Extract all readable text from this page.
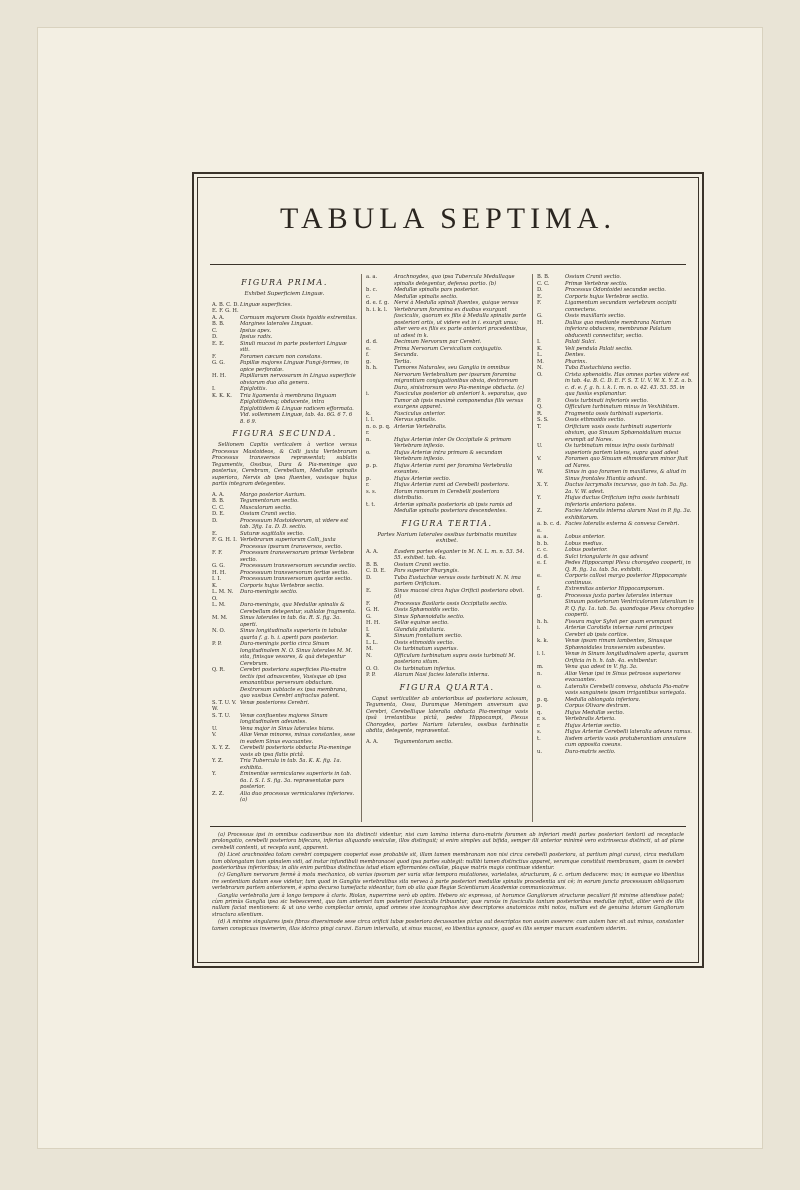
TABULA SEPTIMA.
FIGURA PRIMA.
Exhibet Superficiem Linguæ.
A. B. C. D. E. F. G. H.
Linguæ superficies.
A. A.	Cornuum majorum Ossis hyoidis extremitas.
B. B.	Margines laterales Linguæ.
C.	Ipsius apex.
D.	Ipsius radix.
E. E.	Sinuli mucosi in parte posteriori Linguæ siti.
F.	Foramen cæcum non constans.
G. G.	Papillæ majores Linguæ Fungi-formes, in apice perforatæ.
H. H.	Papillarum nervosarum in Lingua superficie obviarum duo alia genera.
I.	Epiglottis.
K. K. K.	Tria ligamenta à membrana linguam Epiglottidemq; obducente, intra Epiglottidem & Linguæ radicem efformata. Vid. sollemnem Linguæ, tab. 4a. 6G. 6 7. 6 8. 6 9.
FIGURA SECUNDA.
Sellionem Capitis verticalem à vertice versus Processus Mastoideos, & Colli juxta Vertebrarum Processus transversos repræsentat; sublatis Tegumentis, Ossibus, Dura & Pia-meninge quo posterius, Cerebrum, Cerebellum, Medullæ spinalis superiora, Nervis ab ipsa fluentes, vasisque hujus partis integram detegentes.
A. A.	Margo posterior Aurium.
B. B.	Tegumentorum sectio.
C. C.	Musculorum sectio.
D. E.	Ossium Cranii sectio.
D.	Processuum Mastoideorum, ut videre est tab. 3fig. 1a. D. D. sectio.
E.	Suturæ sagittalis sectio.
F. G. H. I. Vertebrarum superiorum Colli, juxta Processus ipsarum transversos, sectio.
F. F.	Processum transversorum primæ Vertebræ sectio.
G. G.	Processuum transversorum secundæ sectio.
H. H.	Processuum transversorum tertiæ sectio.
I. I.	Processuum transversorum quartæ sectio.
K.	Corporis hujus Vertebræ sectio.
L. M. N. O.
Dura-meningis sectio.
L. M.	Dura-meningis, qua Medullæ spinalis & Cerebellum detegentur, sublatæ fragmenta.
M. M.	Sinus laterales in tab. 6a. R. S. fig. 3a. aperti.
N. O.	Sinus longitudinalis superioris in tabulæ quarta f. g. h. i. aperti pars posterior.
P. P.	Dura-meningis portio circa Sinum longitudinalem N. O. Sinus laterales M. M. sita, finisque vesores, & quà detegentur Cerebrum.
Q. R.	Cerebri posteriora superficies Pia-matre tectis ipsi adnascentes, Vasisque ab ipsa emanantibus perversum obductum. Dextrorsum subtacte ex ipsa membrana, quo vasibus Cerebri anfractus patent.
S. T. U. V. W.
Venæ posteriores Cerebri.
S. T. U.	Venæ confluentes majores Sinum longitudinalem adeuntes.
U.	Vena major in Sinus laterales hians.
V.	Aliæ Venæ minores, minus constantes, sese in eadem Sinus evacuantes.
X. Y. Z.	Cerebelli posterioris obducta Pia-meninge vasis ab ipsa flatis pictâ.
Y. Z.	Tria Tubercula in tab. 5a. K. K. fig. 1a. exhibita.
Y.	Eminentiæ vermiculares superioris in tab. 6a. I. S. I. S. fig. 3a. repræsentatæ pars posterior.
Z. Z.	Alia duo processus vermiculares inferiores. (a)
a. a.	Arachnoydes, quo ipsa Tubercula Medullaque spinalis detegentur, defensa portio. (b)
b. c.	Medullæ spinalis pars posterior.
c.	Medullæ spinalis sectio.
d. e. f. g. h. i. k. l.
Nervi à Medulla spinali fluentes, quique versus Vertebrarum foramina ex duabus exurgunt fasciculis, quorum ex filis à Medulla spinalis parte posteriori ortis, ut videre est in i. exurgit unus; alter vero ex filis ex parte anteriori procedentibus, ut adest in k.
d. d.	Decimum Nervorum par Cerebri.
e.	Prima Nervorum Cervicalium conjugatio.
f.	Secunda.
g.	Tertia.
h. h.	Tumores Naturales, seu Ganglia in omnibus Nervorum Vertebralium per ipsarum foramina migrantium conjugationibus obvia, dextrorsum Dura, sinistrorsum vero Pia-meninge obducta. (c)
i.	Fasciculus posterior ab anteriori k. separatus, quo Tumor ab ipsis maximè componendus filis versus exurgens apparet.
k.	Fasciculus anterior.
l. l.	Nervus spinalis.
n. o. p. q. r.
Arteriæ Vertebralis.
n.	Hujus Arteriæ inter Os Occipitale & primam Vertebram inflexio.
o.	Hujus Arteriæ intra primam & secundam Vertebram inflexio.
p. p.	Hujus Arteriæ rami per foramina Vertebralia exeuntes.
p.	Hujus Arteriæ sectio.
r.	Hujus Arteriæ rami ad Cerebelli posteriora.
s. s.	Horum ramorum in Cerebelli posteriora distributio.
t. t.	Arteriæ spinalis posterioris ab ipsis ramis ad Medullæ spinalis posteriora descendentes.
FIGURA TERTIA.
Partes Narium laterales ossibus turbinatis munitas exhibet.
A. A.	Easdem partes eleganter in M. N. L. m. n. 53. 54. 55. exhibet. tab. 4a.
B. B.	Ossium Cranii sectio.
C. D. E.	Pars superior Pharyngis.
D.	Tuba Eustachiæ versus ossis turbinati N. N. ima partem Orificium.
E.	Sinus mucosi circa hujus Orificii posteriora obvii.(d)
F.	Processus Basilaris ossis Occipitalis sectio.
G. H.	Ossis Sphænoidis sectio.
G.	Sinus Sphænoidalis sectio.
H. H.	Sellæ equinæ sectio.
I.	Glandula pituitaria.
K.	Sinuum frontalium sectio.
L. L.	Ossis ethmoidis sectio.
M.	Os turbinatum superius.
N.	Officulum turbinatum supra ossis turbinati M. posteriora situm.
O. O.	Os turbinatum inferius.
P. P.	Alarum Nasi facies lateralis interna.
FIGURA QUARTA.
Caput verticaliter ab anterioribus ad posteriora scissum, Tegumenta, Ossa, Duramque Meningem anversum qua Cerebri, Cerebellique lateralia obducta Pia-meninge vasis ipsâ irretantibus pictâ, pedes Hippocampi, Plexus Choroydes, partes Narium laterales, ossibus turbinatis abdita, detegente, repræsentat.
A. A.	Tegumentorum sectio.
B. B.	Ossium Cranii sectio.
C. C.	Primæ Vertebræ sectio.
D.	Processus Odontoidei secundæ sectio.
E.	Corporis hujus Vertebræ sectio.
F.	Ligamentum secundam vertebram occipiti connectens.
G.	Ossis maxillaris sectio.
H.	Dullus quo mediante membrana Narium inferiora obducens, membranæ Palatum obducenti connectitur, sectio.
I.	Palati Sulci.
K.	Veli pendula Palati sectio.
L.	Dentes.
M.	Pharinx.
N.	Tuba Eustachiana sectio.
O.	Crista sphenoidis. Has omnes partes videre est in tab. 4a. B. C. D. E. F. S. T. U. V. W. X. Y. Z. a. b. c. d. e. f. g. h. i. k. l. m. n. o. 42. 43. 53. 55. in qua fusiùs explanantur.
P.	Ossis turbinati inferioris sectio.
Q.	Officulum turbinatum minus in Vexhibitum.
R.	Fragmenta ossis turbinati superioris.
S. S.	Ossis ethmoidis sectio.
T.	Orificium vasis ossis turbinati superioris obvium, quo Sinuum Sphænoidalium mucus erumpit ad Nares.
U.	Os turbinatum minus infra ossis turbinati superioris partem latens, supra quod adest
V.	Foramen quo Sinuum ethmoidarum minor fluit ad Nares.
W.	Sinus in quo foramen in maxillares, & aliud in Sinus frontales Hiantia adsunt.
X. Y.	Ductus lacrymalis incurvus, quo in tab. 5a. fig. 2a. V. W. adest.
Y.	Hujus ductus Orificium infra ossis turbinati inferioris anteriora patens.
Z.	Facies lateralis interna alarum Nasi in P. fig. 3a. exhibitarum.
a. b. c. d. e.
Facies lateralis externa & convexa Cerebri.
a. a.	Lobus anterior.
b. b.	Lobus medius.
c. c.	Lobus posterior.
d. d.	Sulci triangularis in qua adsunt
e. f.	Pedes Hippocampi Plexu choroydeo cooperti, in Q. R. fig. 1a. tab. 5a. exhibiti.
e.	Corporis callosi margo posterior Hippocampis continuus.
f.	Extremitas anterior Hippocamporum.
g.	Processus juxta partes laterales internas Sinuum posteriorum Ventriculorum lateralium in P. Q. fig. 1a. tab. 5a. quandoque Plexu choroydeo cooperti.
h. h.	Fissura major Sylvii per quam erumpunt
i.	Arteriæ Carotidis internæ rami principes Cerebri ab ipsis cortice.
k. k.	Venæ ipsam rimam lambentes, Sinusque Sphænoidales transversim subeuntes.
l. l.	Venæ in Sinum longitudinalem aperta, quarum Orificia in h. h. tab. 4a. exhibentur.
m.	Vena qua adest in V. fig. 3a.
n.	Aliæ Venæ ipsi in Sinus petrosos superiores evacuantes.
o.	Lateralis Cerebelli convexa, obducta Pia-matre vasis sanguineis ipsam irrigantibus variegata.
p. q.	Medulla oblongata inferiora.
p.	Corpus Olivare dextrum.
q.	Hujus Medullæ sectio.
r. s.	Vertebralis Arteria.
r.	Hujus Arteriæ sectio.
s.	Hujus Arteriæ Cerebelli lateralia adeuns ramus.
t.	Iisdem arteriis vasis protuberantiam annulare cum opposita coeuns.
u.	Dura-matris sectio.

(a) Processus ipsi in omnibus cadaveribus non ita distincti videntur, nisi cum lamina interna dura-matris foramen ab inferiori medii partes posteriori tentorii ad receptacle prolongatio, cerebelli posteriora bifecans, inferius aliquando vesiculæ, illos distinguit; si enim simplex aut bifida, semper illi anterior minimè vero extrinsecus distincti, ut ad plane cerebelli contenti, ut recepta sunt, apparent.

(b) Licet arachnoidea totam cerebri compagem cooperiat esse probabile sit, illam tamen membranam non nisi circa cerebelli posteriora, ut partium pingi curavi, circa medullam tum oblongatam tum spinalem vidi, ad instar infundibuli membranacei quod ipsa partes subtegit: nullibi tamen distinctius apparet, veramque constituit membranam, quam in cerebri posterioribus inferioribus; in aliis enim partibus distinctius istud etiam efformantes cellulæ, plaque matris magis continuæ videntur.

(c) Ganglium nervorum fermè à motu mechanico, ob varias ipsorum per varia vitæ tempora mutationes, varietates, structuram, & c. ortum deducere: mox; in eamque eo libentius ire sententiam datum esse videtur, tum quod in Gangliis vertebralibus sita nervea à parte posteriori medullæ spinalis procedentia uni cè; in eorum juncta processuum obliquorum vertebrarum partem anteriorem, è spina decurso tumefacta videantur, tum ob alia quæ Regiæ Scientiarum Academiæ communicavimus.

Ganglia vertebralia jam à longo tempore à claris. Riolan, nuperrime verò ab optim. Hebero sic expressa, ut horumce Gangliorum structuræ peculiari fit minime attendisse patet; cùm primùs Ganglia ipsa sic hebescerent, quo tum anteriori tum posteriori fasciculis tribuuntur, quæ rursùs in fasciculis tantum posterioribus medullæ infixit, aliter verò de illis nullam faciat mentionem: & ut uno verbo complectar omnia, apud omnes sive iconographos sive descriptores anatomicos mihi notos, nullum est de genuina istorum Gangliorum structura silentium.

(d) A minime singulares ipsis fibras diversimode sese circa orificii tubæ posteriora decussantes pictas aut descriptas non ausim asserere: cum autem hæc sit aut minus, constanter tamen conspicuas invenerim, illas idcirco pingi curavi. Earum intervalla, ut sinus mucosi, eo libentius agnosce, quod ex illis semper mucum exudantem viderim.
